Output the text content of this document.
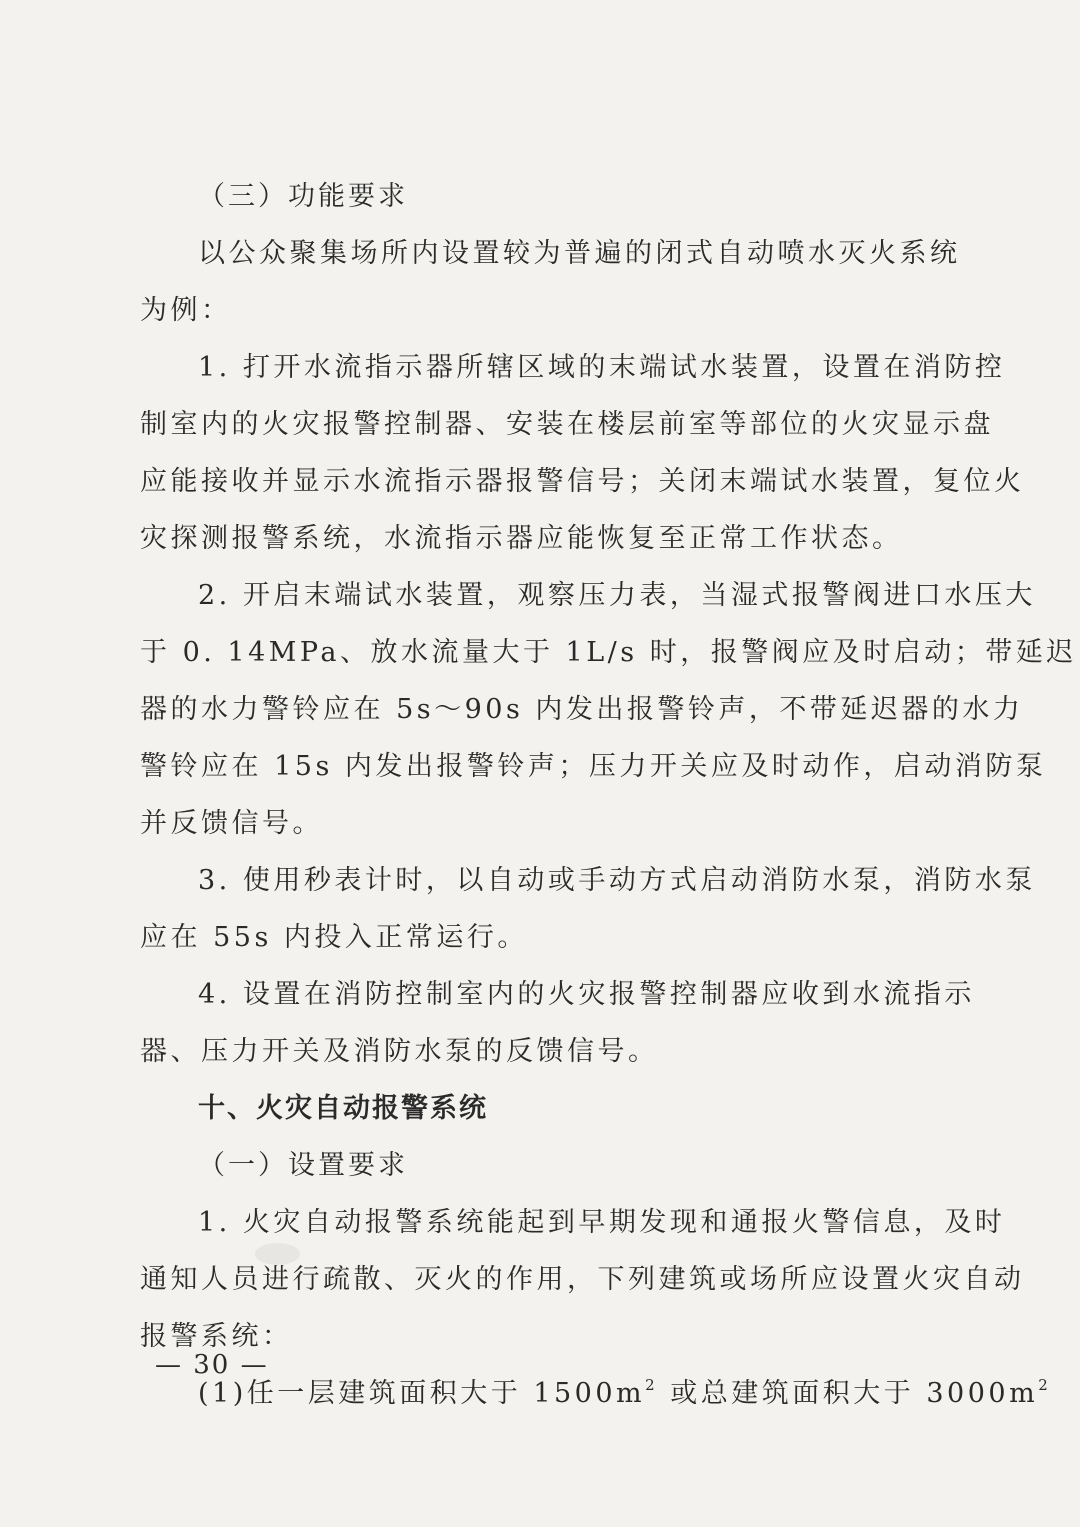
（三）功能要求
以公众聚集场所内设置较为普遍的闭式自动喷水灭火系统
为例：
1. 打开水流指示器所辖区域的末端试水装置，设置在消防控
制室内的火灾报警控制器、安装在楼层前室等部位的火灾显示盘
应能接收并显示水流指示器报警信号；关闭末端试水装置，复位火
灾探测报警系统，水流指示器应能恢复至正常工作状态。
2. 开启末端试水装置，观察压力表，当湿式报警阀进口水压大
于 0. 14MPa、放水流量大于 1L/s 时，报警阀应及时启动；带延迟
器的水力警铃应在 5s～90s 内发出报警铃声，不带延迟器的水力
警铃应在 15s 内发出报警铃声；压力开关应及时动作，启动消防泵
并反馈信号。
3. 使用秒表计时，以自动或手动方式启动消防水泵，消防水泵
应在 55s 内投入正常运行。
4. 设置在消防控制室内的火灾报警控制器应收到水流指示
器、压力开关及消防水泵的反馈信号。
十、火灾自动报警系统
（一）设置要求
1. 火灾自动报警系统能起到早期发现和通报火警信息，及时
通知人员进行疏散、灭火的作用，下列建筑或场所应设置火灾自动
报警系统：
(1)任一层建筑面积大于 $1500m^2$ 或总建筑面积大于 $3000m^2$
— 30 —
